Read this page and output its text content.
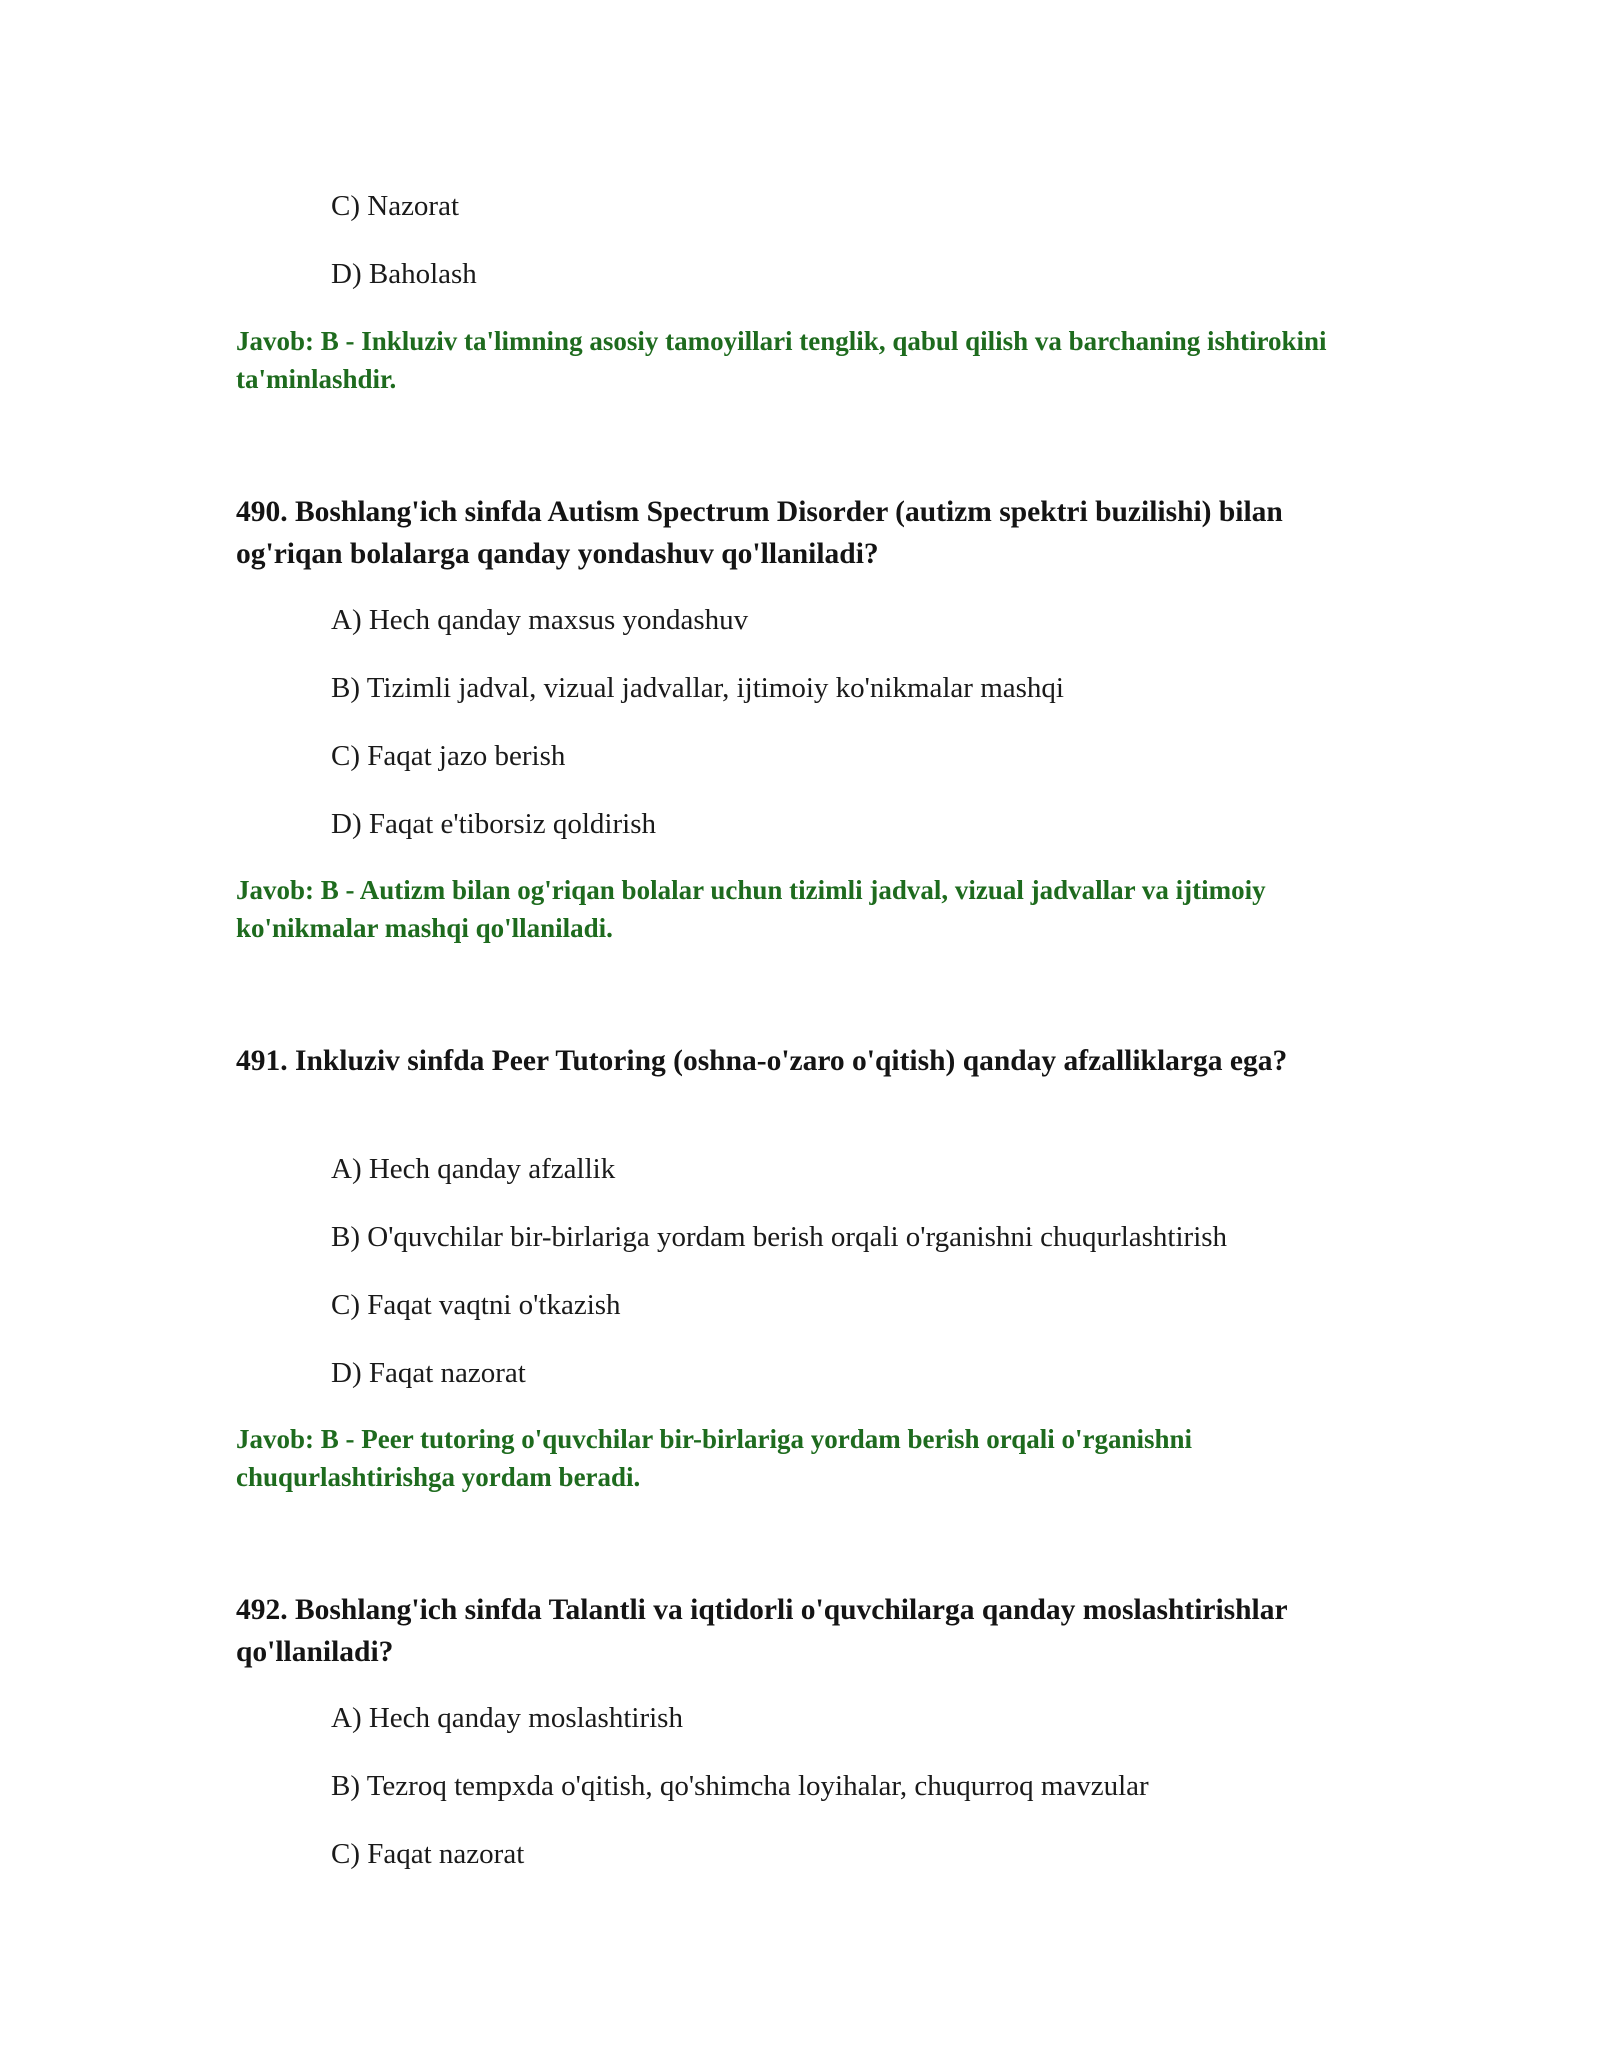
C) Nazorat
D) Baholash
Javob: B - Inkluziv ta'limning asosiy tamoyillari tenglik, qabul qilish va barchaning ishtirokini ta'minlashdir.
490. Boshlang'ich sinfda Autism Spectrum Disorder (autizm spektri buzilishi) bilan og'riqan bolalarga qanday yondashuv qo'llaniladi?
A) Hech qanday maxsus yondashuv
B) Tizimli jadval, vizual jadvallar, ijtimoiy ko'nikmalar mashqi
C) Faqat jazo berish
D) Faqat e'tiborsiz qoldirish
Javob: B - Autizm bilan og'riqan bolalar uchun tizimli jadval, vizual jadvallar va ijtimoiy ko'nikmalar mashqi qo'llaniladi.
491. Inkluziv sinfda Peer Tutoring (oshna-o'zaro o'qitish) qanday afzalliklarga ega?
A) Hech qanday afzallik
B) O'quvchilar bir-birlariga yordam berish orqali o'rganishni chuqurlashtirish
C) Faqat vaqtni o'tkazish
D) Faqat nazorat
Javob: B - Peer tutoring o'quvchilar bir-birlariga yordam berish orqali o'rganishni chuqurlashtirishga yordam beradi.
492. Boshlang'ich sinfda Talantli va iqtidorli o'quvchilarga qanday moslashtirishlar qo'llaniladi?
A) Hech qanday moslashtirish
B) Tezroq tempxda o'qitish, qo'shimcha loyihalar, chuqurroq mavzular
C) Faqat nazorat
